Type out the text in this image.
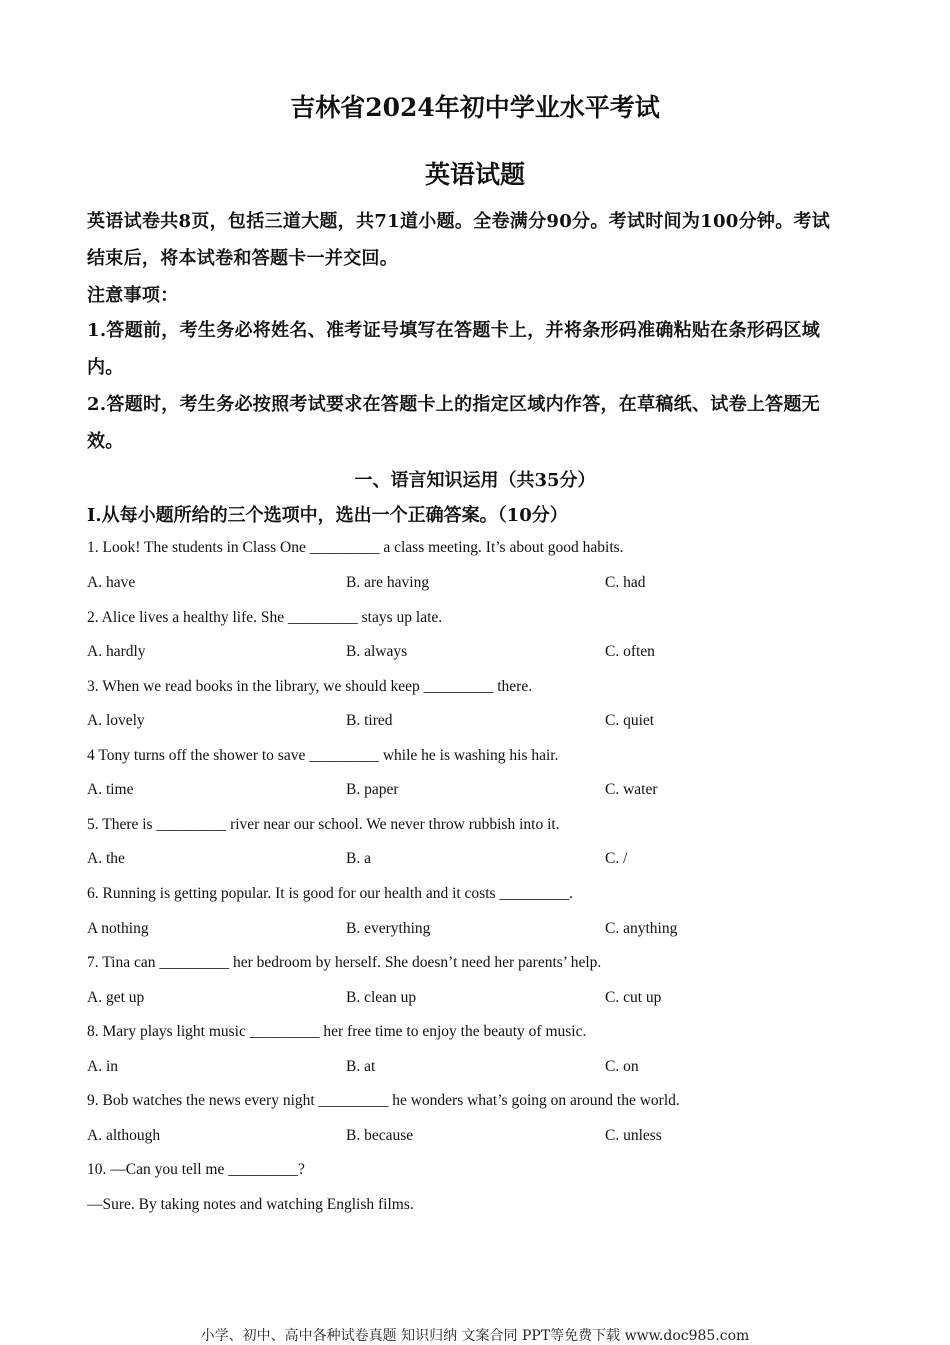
吉林省2024年初中学业水平考试
英语试题
英语试卷共8页，包括三道大题，共71道小题。全卷满分90分。考试时间为100分钟。考试
结束后，将本试卷和答题卡一并交回。
注意事项：
1.答题前，考生务必将姓名、准考证号填写在答题卡上，并将条形码准确粘贴在条形码区域
内。
2.答题时，考生务必按照考试要求在答题卡上的指定区域内作答，在草稿纸、试卷上答题无
效。
一、语言知识运用（共35分）
Ⅰ.从每小题所给的三个选项中，选出一个正确答案。（10分）
1. Look! The students in Class One _________ a class meeting. It’s about good habits.
A. have	B. are having	C. had
2. Alice lives a healthy life. She _________ stays up late.
A. hardly	B. always	C. often
3. When we read books in the library, we should keep _________ there.
A. lovely	B. tired	C. quiet
4 Tony turns off the shower to save _________ while he is washing his hair.
A. time	B. paper	C. water
5. There is _________ river near our school. We never throw rubbish into it.
A. the	B. a	C. /
6. Running is getting popular. It is good for our health and it costs _________.
A nothing	B. everything	C. anything
7. Tina can _________ her bedroom by herself. She doesn’t need her parents’ help.
A. get up	B. clean up	C. cut up
8. Mary plays light music _________ her free time to enjoy the beauty of music.
A. in	B. at	C. on
9. Bob watches the news every night _________ he wonders what’s going on around the world.
A. although	B. because	C. unless
10. —Can you tell me _________?
—Sure. By taking notes and watching English films.
小学、初中、高中各种试卷真题 知识归纳 文案合同 PPT等免费下载 www.doc985.com
